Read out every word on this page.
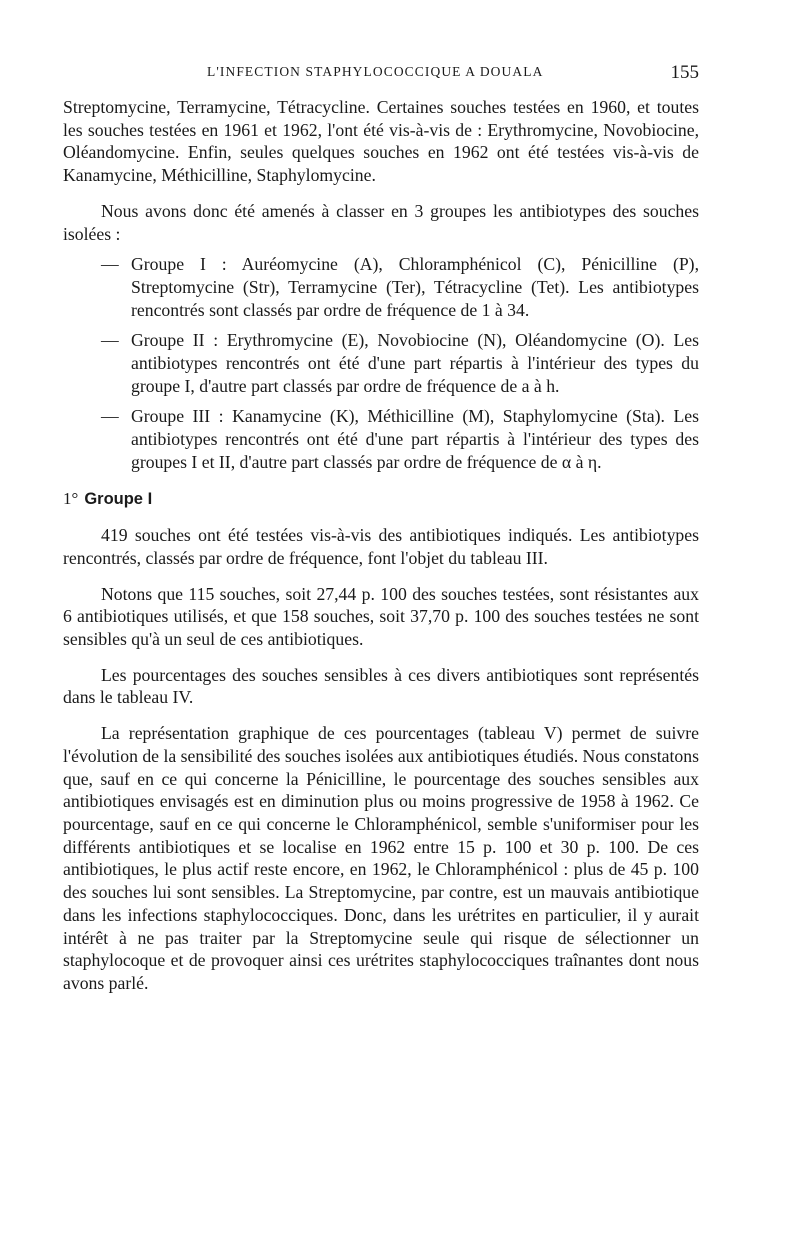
L'INFECTION STAPHYLOCOCCIQUE A DOUALA	155

Streptomycine, Terramycine, Tétracycline. Certaines souches testées en 1960, et toutes les souches testées en 1961 et 1962, l'ont été vis-à-vis de : Erythromycine, Novobiocine, Oléandomycine. Enfin, seules quelques souches en 1962 ont été testées vis-à-vis de Kanamycine, Méthicilline, Staphylomycine.

Nous avons donc été amenés à classer en 3 groupes les antibiotypes des souches isolées :

— Groupe I : Auréomycine (A), Chloramphénicol (C), Pénicilline (P), Streptomycine (Str), Terramycine (Ter), Tétracycline (Tet). Les antibiotypes rencontrés sont classés par ordre de fréquence de 1 à 34.
— Groupe II : Erythromycine (E), Novobiocine (N), Oléandomycine (O). Les antibiotypes rencontrés ont été d'une part répartis à l'intérieur des types du groupe I, d'autre part classés par ordre de fréquence de a à h.
— Groupe III : Kanamycine (K), Méthicilline (M), Staphylomycine (Sta). Les antibiotypes rencontrés ont été d'une part répartis à l'intérieur des types des groupes I et II, d'autre part classés par ordre de fréquence de α à η.
1° Groupe I

419 souches ont été testées vis-à-vis des antibiotiques indiqués. Les antibiotypes rencontrés, classés par ordre de fréquence, font l'objet du tableau III.

Notons que 115 souches, soit 27,44 p. 100 des souches testées, sont résistantes aux 6 antibiotiques utilisés, et que 158 souches, soit 37,70 p. 100 des souches testées ne sont sensibles qu'à un seul de ces antibiotiques.

Les pourcentages des souches sensibles à ces divers antibiotiques sont représentés dans le tableau IV.

La représentation graphique de ces pourcentages (tableau V) permet de suivre l'évolution de la sensibilité des souches isolées aux antibiotiques étudiés. Nous constatons que, sauf en ce qui concerne la Pénicilline, le pourcentage des souches sensibles aux antibiotiques envisagés est en diminution plus ou moins progressive de 1958 à 1962. Ce pourcentage, sauf en ce qui concerne le Chloramphénicol, semble s'uniformiser pour les différents antibiotiques et se localise en 1962 entre 15 p. 100 et 30 p. 100. De ces antibiotiques, le plus actif reste encore, en 1962, le Chloramphénicol : plus de 45 p. 100 des souches lui sont sensibles. La Streptomycine, par contre, est un mauvais antibiotique dans les infections staphylococciques. Donc, dans les urétrites en particulier, il y aurait intérêt à ne pas traiter par la Streptomycine seule qui risque de sélectionner un staphylocoque et de provoquer ainsi ces urétrites staphylococciques traînantes dont nous avons parlé.
